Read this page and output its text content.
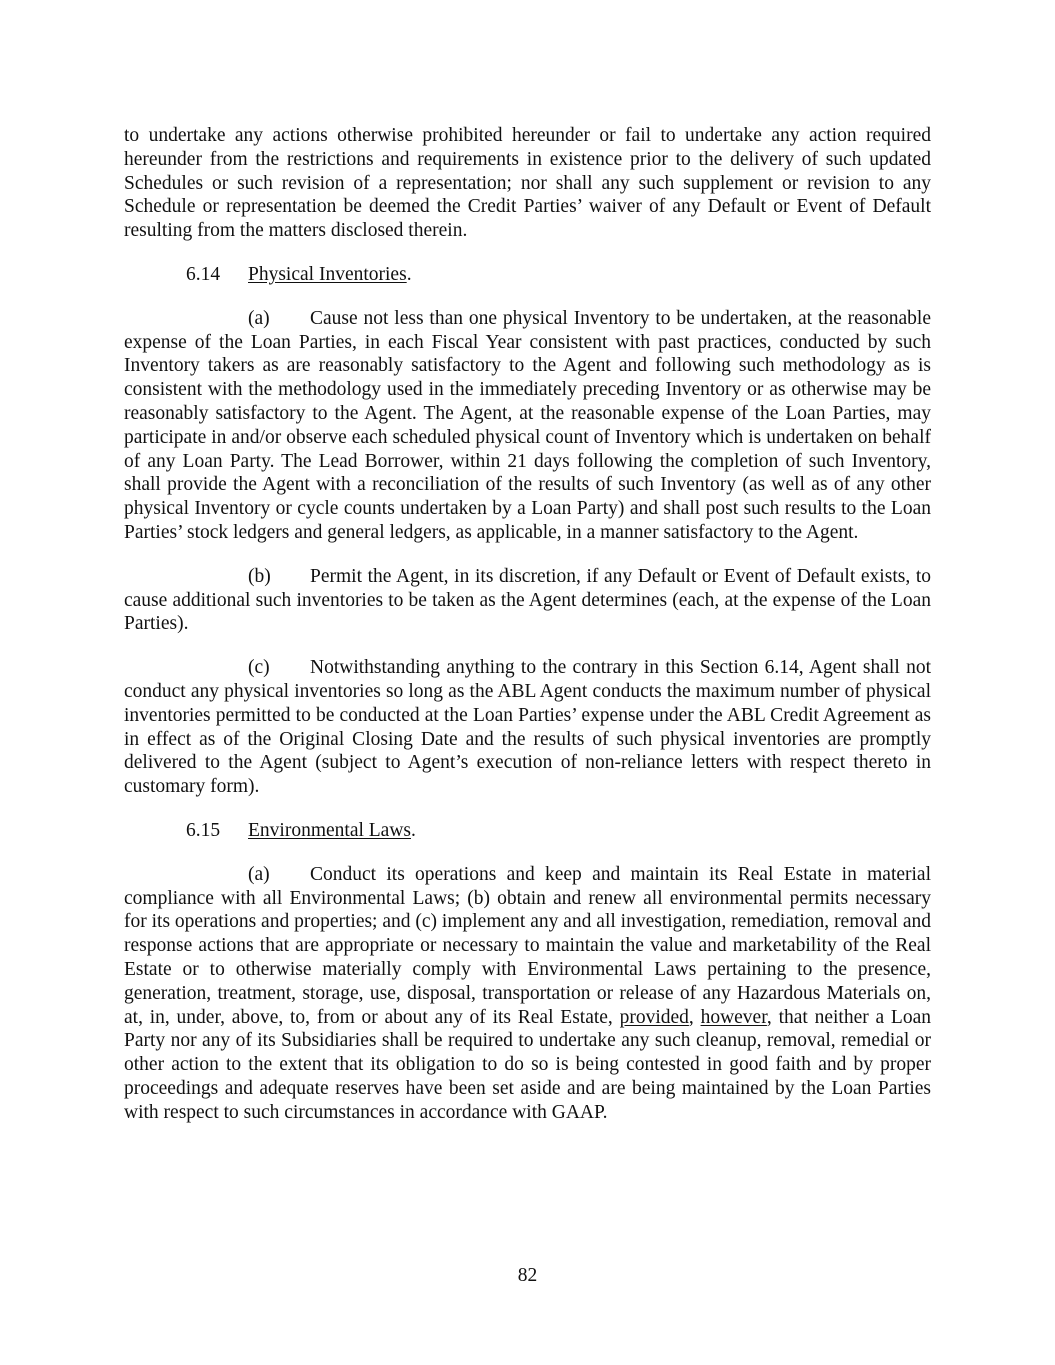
to undertake any actions otherwise prohibited hereunder or fail to undertake any action required hereunder from the restrictions and requirements in existence prior to the delivery of such updated Schedules or such revision of a representation; nor shall any such supplement or revision to any Schedule or representation be deemed the Credit Parties’ waiver of any Default or Event of Default resulting from the matters disclosed therein.

6.14 Physical Inventories.

(a) Cause not less than one physical Inventory to be undertaken, at the reasonable expense of the Loan Parties, in each Fiscal Year consistent with past practices, conducted by such Inventory takers as are reasonably satisfactory to the Agent and following such methodology as is consistent with the methodology used in the immediately preceding Inventory or as otherwise may be reasonably satisfactory to the Agent. The Agent, at the reasonable expense of the Loan Parties, may participate in and/or observe each scheduled physical count of Inventory which is undertaken on behalf of any Loan Party. The Lead Borrower, within 21 days following the completion of such Inventory, shall provide the Agent with a reconciliation of the results of such Inventory (as well as of any other physical Inventory or cycle counts undertaken by a Loan Party) and shall post such results to the Loan Parties’ stock ledgers and general ledgers, as applicable, in a manner satisfactory to the Agent.

(b) Permit the Agent, in its discretion, if any Default or Event of Default exists, to cause additional such inventories to be taken as the Agent determines (each, at the expense of the Loan Parties).

(c) Notwithstanding anything to the contrary in this Section 6.14, Agent shall not conduct any physical inventories so long as the ABL Agent conducts the maximum number of physical inventories permitted to be conducted at the Loan Parties’ expense under the ABL Credit Agreement as in effect as of the Original Closing Date and the results of such physical inventories are promptly delivered to the Agent (subject to Agent’s execution of non-reliance letters with respect thereto in customary form).

6.15 Environmental Laws.

(a) Conduct its operations and keep and maintain its Real Estate in material compliance with all Environmental Laws; (b) obtain and renew all environmental permits necessary for its operations and properties; and (c) implement any and all investigation, remediation, removal and response actions that are appropriate or necessary to maintain the value and marketability of the Real Estate or to otherwise materially comply with Environmental Laws pertaining to the presence, generation, treatment, storage, use, disposal, transportation or release of any Hazardous Materials on, at, in, under, above, to, from or about any of its Real Estate, provided, however, that neither a Loan Party nor any of its Subsidiaries shall be required to undertake any such cleanup, removal, remedial or other action to the extent that its obligation to do so is being contested in good faith and by proper proceedings and adequate reserves have been set aside and are being maintained by the Loan Parties with respect to such circumstances in accordance with GAAP.

82
